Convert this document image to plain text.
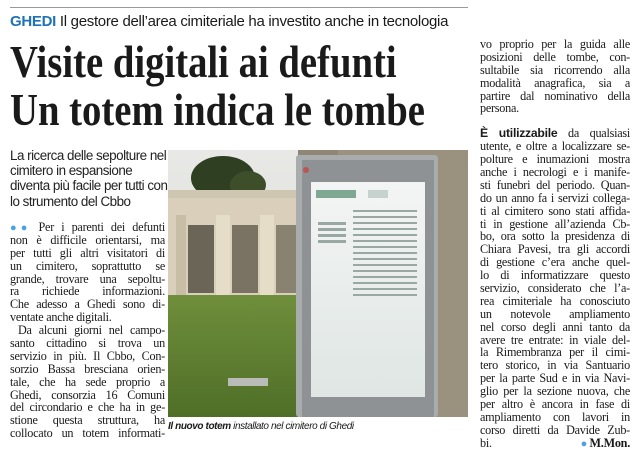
GHEDI Il gestore dell’area cimiteriale ha investito anche in tecnologia
Visite digitali ai defunti
Un totem indica le tombe
La ricerca delle sepolture nel cimitero in espansione diventa più facile per tutti con lo strumento del Cbbo
●● Per i parenti dei defunti
non è difficile orientarsi, ma
per tutti gli altri visitatori di
un cimitero, soprattutto se
grande, trovare una sepoltu-
ra richiede informazioni.
Che adesso a Ghedi sono di-
ventate anche digitali.
Da alcuni giorni nel campo-
santo cittadino si trova un
servizio in più. Il Cbbo, Con-
sorzio Bassa bresciana orien-
tale, che ha sede proprio a
Ghedi, consorzia 16 Comuni
del circondario e che ha in ge-
stione questa struttura, ha
collocato un totem informati- Il nuovo totem installato nel cimitero di Ghedi
vo proprio per la guida alle
posizioni delle tombe, con-
sultabile sia ricorrendo alla
modalità anagrafica, sia a
partire dal nominativo della
persona.
È utilizzabile da qualsiasi
utente, e oltre a localizzare se-
polture e inumazioni mostra
anche i necrologi e i manife-
sti funebri del periodo. Quan-
do un anno fa i servizi collega-
ti al cimitero sono stati affida-
ti in gestione all’azienda Cb-
bo, ora sotto la presidenza di
Chiara Pavesi, tra gli accordi
di gestione c’era anche quel-
lo di informatizzare questo
servizio, considerato che l’a-
rea cimiteriale ha conosciuto
un notevole ampliamento
nel corso degli anni tanto da
avere tre entrate: in viale del-
la Rimembranza per il cimi-
tero storico, in via Santuario
per la parte Sud e in via Navi-
glio per la sezione nuova, che
per altro è ancora in fase di
ampliamento con lavori in
corso diretti da Davide Zub-
bi.	● M.Mon.
